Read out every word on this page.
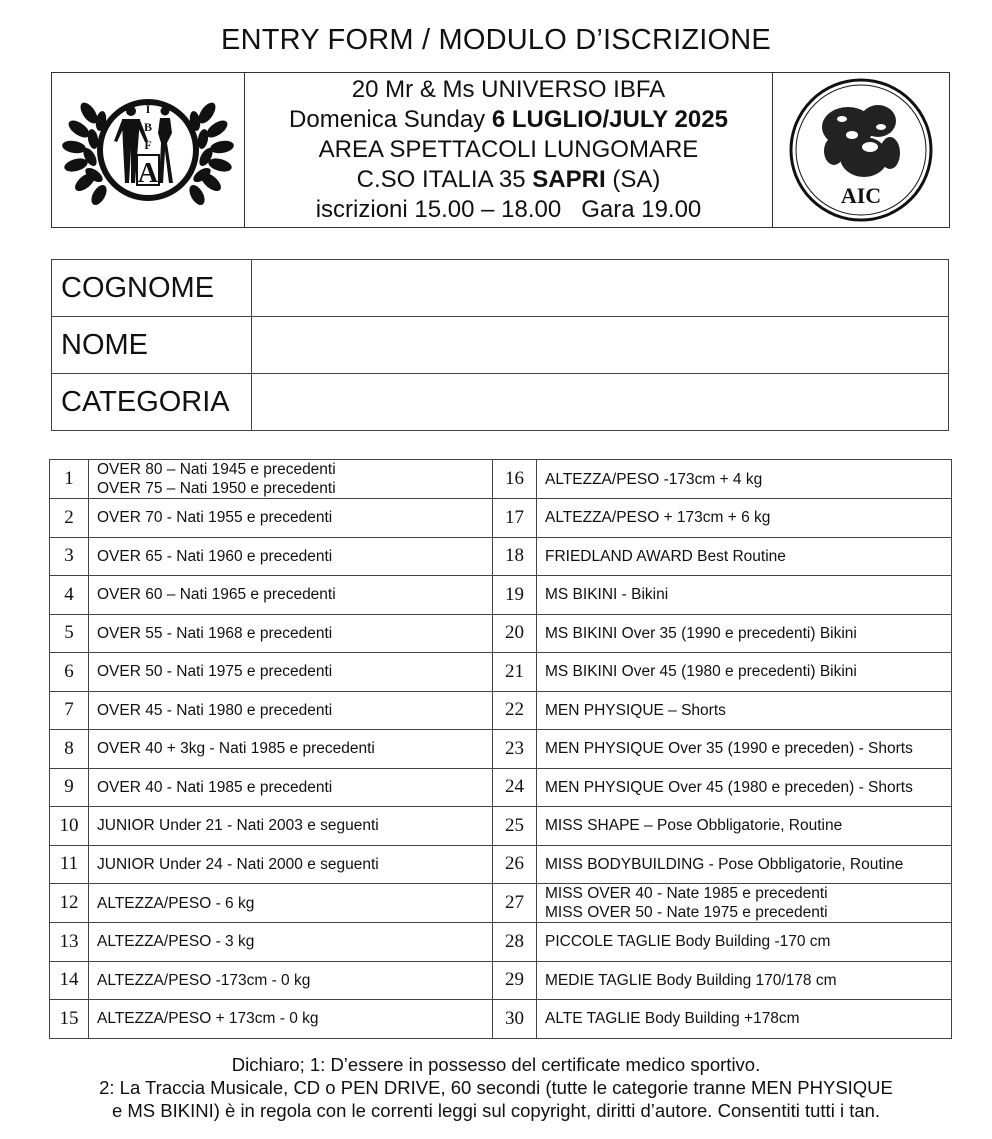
ENTRY FORM / MODULO D’ISCRIZIONE
I
B
F
A
20 Mr & Ms UNIVERSO IBFA
Domenica Sunday 6 LUGLIO/JULY 2025
AREA SPETTACOLI LUNGOMARE
C.SO ITALIA 35 SAPRI (SA)
iscrizioni 15.00 – 18.00   Gara 19.00
AIC
COGNOME	
NOME	
CATEGORIA	
1	OVER 80 – Nati 1945 e precedenti
OVER 75 – Nati 1950 e precedenti	16	ALTEZZA/PESO -173cm + 4 kg

2	OVER 70 - Nati 1955 e precedenti	17	ALTEZZA/PESO + 173cm + 6 kg

3	OVER 65 - Nati 1960 e precedenti	18	FRIEDLAND AWARD Best Routine

4	OVER 60 – Nati 1965 e precedenti	19	MS BIKINI - Bikini

5	OVER 55 - Nati 1968 e precedenti	20	MS BIKINI Over 35 (1990 e precedenti) Bikini

6	OVER 50 - Nati 1975 e precedenti	21	MS BIKINI Over 45 (1980 e precedenti) Bikini

7	OVER 45 - Nati 1980 e precedenti	22	MEN PHYSIQUE – Shorts

8	OVER 40 + 3kg - Nati 1985 e precedenti	23	MEN PHYSIQUE Over 35 (1990 e preceden) - Shorts

9	OVER 40 - Nati 1985 e precedenti	24	MEN PHYSIQUE Over 45 (1980 e preceden) - Shorts

10	JUNIOR Under 21 - Nati 2003 e seguenti	25	MISS SHAPE – Pose Obbligatorie, Routine

11	JUNIOR Under 24 - Nati 2000 e seguenti	26	MISS BODYBUILDING - Pose Obbligatorie, Routine

12	ALTEZZA/PESO - 6 kg	27	MISS OVER 40 - Nate 1985 e precedenti
MISS OVER 50 - Nate 1975 e precedenti

13	ALTEZZA/PESO - 3 kg	28	PICCOLE TAGLIE Body Building -170 cm

14	ALTEZZA/PESO -173cm - 0 kg	29	MEDIE TAGLIE Body Building 170/178 cm

15	ALTEZZA/PESO + 173cm - 0 kg	30	ALTE TAGLIE Body Building +178cm
Dichiaro; 1: D’essere in possesso del certificate medico sportivo.
2: La Traccia Musicale, CD o PEN DRIVE, 60 secondi (tutte le categorie tranne MEN PHYSIQUE
e MS BIKINI) è in regola con le correnti leggi sul copyright, diritti d’autore. Consentiti tutti i tan.
